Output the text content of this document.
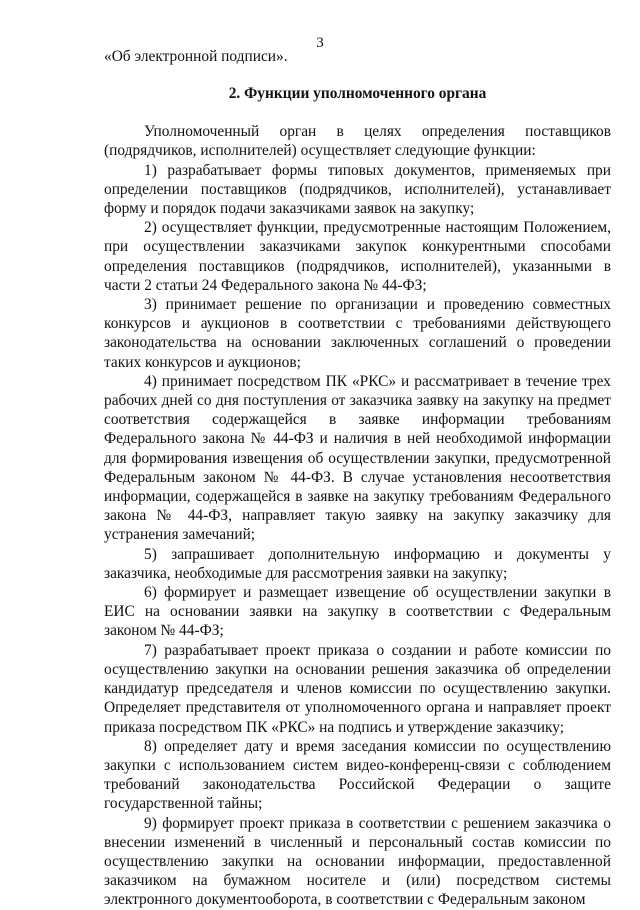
3

«Об электронной подписи».

2. Функции уполномоченного органа

Уполномоченный орган в целях определения поставщиков (подрядчиков, исполнителей) осуществляет следующие функции:

1) разрабатывает формы типовых документов, применяемых при определении поставщиков (подрядчиков, исполнителей), устанавливает форму и порядок подачи заказчиками заявок на закупку;

2) осуществляет функции, предусмотренные настоящим Положением, при осуществлении заказчиками закупок конкурентными способами определения поставщиков (подрядчиков, исполнителей), указанными в части 2 статьи 24 Федерального закона № 44-ФЗ;

3) принимает решение по организации и проведению совместных конкурсов и аукционов в соответствии с требованиями действующего законодательства на основании заключенных соглашений о проведении таких конкурсов и аукционов;

4) принимает посредством ПК «РКС» и рассматривает в течение трех рабочих дней со дня поступления от заказчика заявку на закупку на предмет соответствия содержащейся в заявке информации требованиям Федерального закона № 44-ФЗ и наличия в ней необходимой информации для формирования извещения об осуществлении закупки, предусмотренной Федеральным законом № 44-ФЗ. В случае установления несоответствия информации, содержащейся в заявке на закупку требованиям Федерального закона № 44-ФЗ, направляет такую заявку на закупку заказчику для устранения замечаний;

5) запрашивает дополнительную информацию и документы у заказчика, необходимые для рассмотрения заявки на закупку;

6) формирует и размещает извещение об осуществлении закупки в ЕИС на основании заявки на закупку в соответствии с Федеральным законом № 44-ФЗ;

7) разрабатывает проект приказа о создании и работе комиссии по осуществлению закупки на основании решения заказчика об определении кандидатур председателя и членов комиссии по осуществлению закупки. Определяет представителя от уполномоченного органа и направляет проект приказа посредством ПК «РКС» на подпись и утверждение заказчику;

8) определяет дату и время заседания комиссии по осуществлению закупки с использованием систем видео-конференц-связи с соблюдением требований законодательства Российской Федерации о защите государственной тайны;

9) формирует проект приказа в соответствии с решением заказчика о внесении изменений в численный и персональный состав комиссии по осуществлению закупки на основании информации, предоставленной заказчиком на бумажном носителе и (или) посредством системы электронного документооборота, в соответствии с Федеральным законом
